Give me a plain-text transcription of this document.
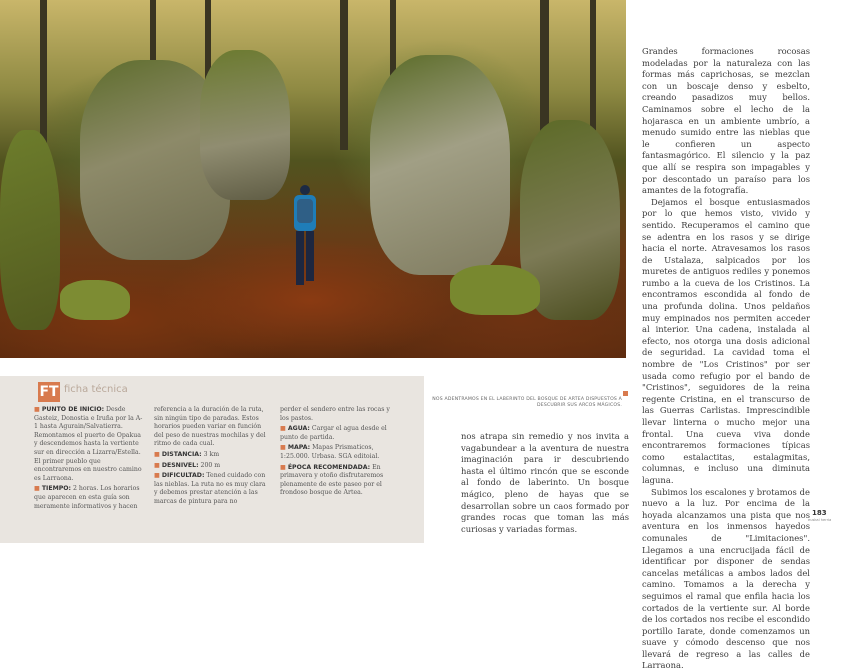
FT ficha técnica

■ PUNTO DE INICIO: Desde Gasteiz, Donostia e Iruña por la A-1 hasta Agurain/Salvatierra. Remontamos el puerto de Opakua y descendemos hasta la vertiente sur en dirección a Lizarra/Estella. El primer pueblo que encontraremos en nuestro camino es Larraona.

■ TIEMPO: 2 horas. Los horarios que aparecen en esta guía son meramente informativos y hacen

referencia a la duración de la ruta, sin ningún tipo de paradas. Estos horarios pueden variar en función del peso de nuestras mochilas y del ritmo de cada cual.

■ DISTANCIA: 3 km

■ DESNIVEL: 200 m

■ DIFICULTAD: Tened cuidado con las nieblas. La ruta no es muy clara y debemos prestar atención a las marcas de pintura para no

perder el sendero entre las rocas y los pastos.

■ AGUA: Cargar el agua desde el punto de partida.

■ MAPA: Mapas Prismaticos, 1:25.000. Urbasa. SGA editoial.

■ ÉPOCA RECOMENDADA: En primavera y otoño disfrutaremos plenamente de este paseo por el frondoso bosque de Artea.

NOS ADENTRAMOS EN EL LABERINTO DEL BOSQUE DE ARTEA DISPUESTOS A DESCUBRIR SUS ARCOS MÁGICOS.

nos atrapa sin remedio y nos invita a vagabundear a la aventura de nuestra imaginación para ir descubriendo hasta el último rincón que se esconde al fondo de laberinto. Un bosque mágico, pleno de hayas que se desarrollan sobre un caos formado por grandes rocas que toman las más curiosas y variadas formas.

Grandes formaciones rocosas modeladas por la naturaleza con las formas más caprichosas, se mezclan con un boscaje denso y esbelto, creando pasadizos muy bellos. Caminamos sobre el lecho de la hojarasca en un ambiente umbrío, a menudo sumido entre las nieblas que le confieren un aspecto fantasmagórico. El silencio y la paz que allí se respira son impagables y por descontado un paraíso para los amantes de la fotografía.

Dejamos el bosque entusiasmados por lo que hemos visto, vivido y sentido. Recuperamos el camino que se adentra en los rasos y se dirige hacia el norte. Atravesamos los rasos de Ustalaza, salpicados por los muretes de antiguos rediles y ponemos rumbo a la cueva de los Cristinos. La encontramos escondida al fondo de una profunda dolina. Unos peldaños muy empinados nos permiten acceder al interior. Una cadena, instalada al efecto, nos otorga una dosis adicional de seguridad. La cavidad toma el nombre de "Los Cristinos" por ser usada como refugio por el bando de "Cristinos", seguidores de la reina regente Cristina, en el transcurso de las Guerras Carlistas. Imprescindible llevar linterna o mucho mejor una frontal. Una cueva viva donde encontraremos formaciones típicas como estalactitas, estalagmitas, columnas, e incluso una diminuta laguna.

Subimos los escalones y brotamos de nuevo a la luz. Por encima de la hoyada alcanzamos una pista que nos aventura en los inmensos hayedos comunales de "Limitaciones". Llegamos a una encrucijada fácil de identificar por disponer de sendas cancelas metálicas a ambos lados del camino. Tomamos a la derecha y seguimos el ramal que enfila hacia los cortados de la vertiente sur. Al borde de los cortados nos recibe el escondido portillo Iarate, donde comenzamos un suave y cómodo descenso que nos llevará de regreso a las calles de Larraona.

183
euskal herria
